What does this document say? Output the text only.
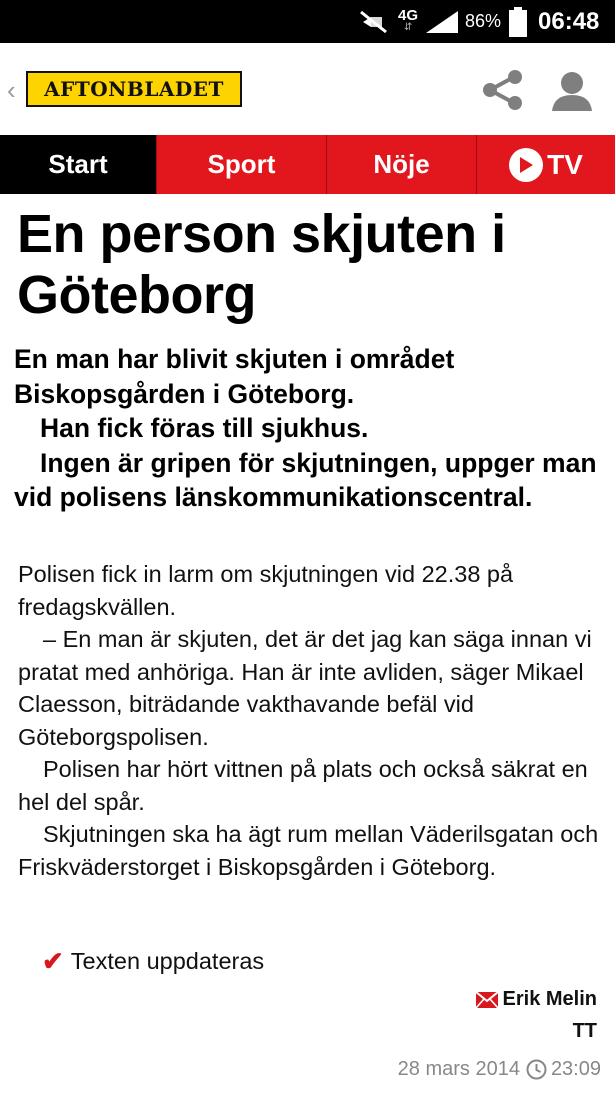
4G
⇵	86% 06:48
‹ AFTONBLADET
Start	Sport	Nöje	TV
En person skjuten i Göteborg

En man har blivit skjuten i området Biskopsgården i Göteborg.

Han fick föras till sjukhus.

Ingen är gripen för skjutningen, uppger man vid polisens länskommunikationscentral.

Polisen fick in larm om skjutningen vid 22.38 på fredagskvällen.

– En man är skjuten, det är det jag kan säga innan vi pratat med anhöriga. Han är inte avliden, säger Mikael Claesson, biträdande vakthavande befäl vid Göteborgspolisen.

Polisen har hört vittnen på plats och också säkrat en hel del spår.

Skjutningen ska ha ägt rum mellan Väderilsgatan och Friskväderstorget i Biskopsgården i Göteborg.

✔ Texten uppdateras
Erik Melin
TT
28 mars 2014 23:09
